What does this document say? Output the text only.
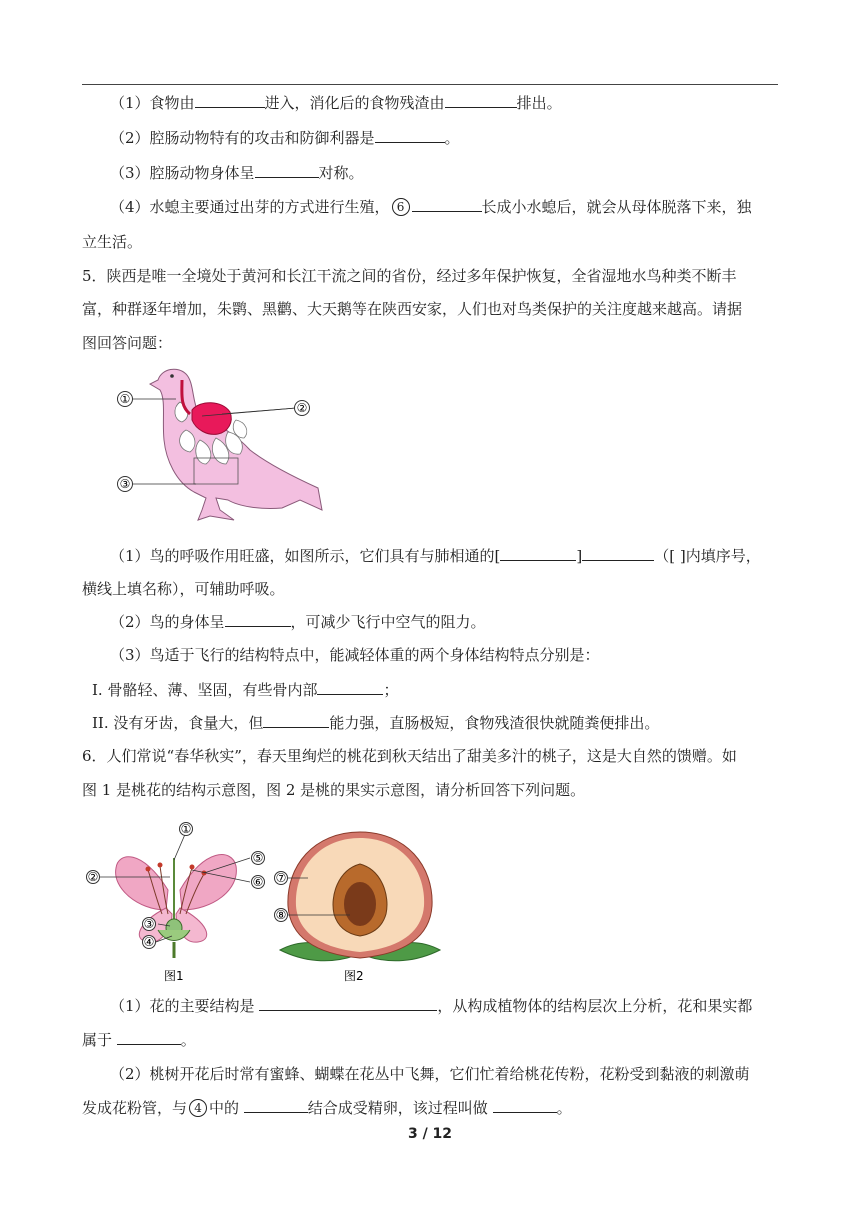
（1）食物由	进入，消化后的食物残渣由	排出。
（2）腔肠动物特有的攻击和防御利器是	。
（3）腔肠动物身体呈	对称。
（4）水螅主要通过出芽的方式进行生殖， 6	长成小水螅后，就会从母体脱落下来，独
立生活。
5．陕西是唯一全境处于黄河和长江干流之间的省份，经过多年保护恢复，全省湿地水鸟种类不断丰
富，种群逐年增加，朱鹮、黑鹳、大天鹅等在陕西安家，人们也对鸟类保护的关注度越来越高。请据
图回答问题：
①
②
③
（1）鸟的呼吸作用旺盛，如图所示，它们具有与肺相通的[	]	（[ ]内填序号，
横线上填名称），可辅助呼吸。
（2）鸟的身体呈	，可减少飞行中空气的阻力。
（3）鸟适于飞行的结构特点中，能减轻体重的两个身体结构特点分别是：
I. 骨骼轻、薄、坚固，有些骨内部	；
II. 没有牙齿，食量大，但	能力强，直肠极短，食物残渣很快就随粪便排出。
6．人们常说“春华秋实”，春天里绚烂的桃花到秋天结出了甜美多汁的桃子，这是大自然的馈赠。如
图 1 是桃花的结构示意图，图 2 是桃的果实示意图，请分析回答下列问题。
图1
①
②
③
④
⑤
⑥
图2
⑦
⑧
（1）花的主要结构是	，从构成植物体的结构层次上分析，花和果实都
属于	。
（2）桃树开花后时常有蜜蜂、蝴蝶在花丛中飞舞，它们忙着给桃花传粉，花粉受到黏液的刺激萌
发成花粉管，与 4 中的	结合成受精卵，该过程叫做	。
3 / 12
